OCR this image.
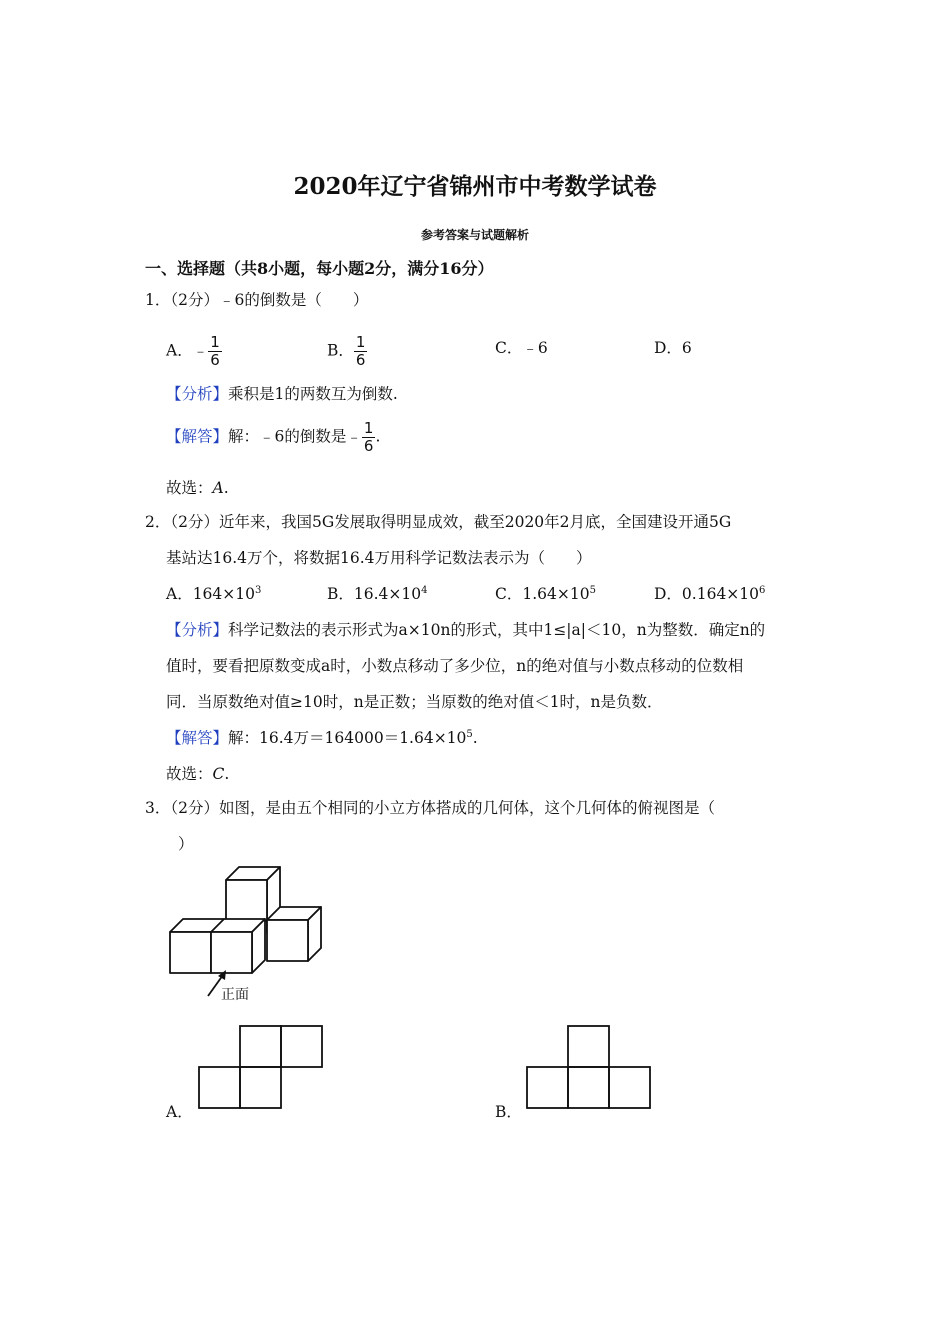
2020年辽宁省锦州市中考数学试卷
参考答案与试题解析
一、选择题（共8小题，每小题2分，满分16分）
1．（2分）﹣6的倒数是（　　）
A．﹣ $\frac{1}{6}$	B． $\frac{1}{6}$	C．﹣6	D．6
【分析】乘积是1的两数互为倒数.
【解答】解：﹣6的倒数是﹣ $\frac{1}{6}$ .
故选：A.
2．（2分）近年来，我国5G发展取得明显成效，截至2020年2月底，全国建设开通5G
基站达16.4万个，将数据16.4万用科学记数法表示为（　　）
A．$164\times 10^3$	B．$16.4\times 10^4$	C．$1.64\times 10^5$	D．$0.164\times 10^6$
【分析】科学记数法的表示形式为a×10n的形式，其中1≤|a|＜10，n为整数．确定n的
值时，要看把原数变成a时，小数点移动了多少位，n的绝对值与小数点移动的位数相
同．当原数绝对值≥10时，n是正数；当原数的绝对值＜1时，n是负数．
【解答】解：16.4万$=164000=1.64\times 10^5$.
故选：C.
3．（2分）如图，是由五个相同的小立方体搭成的几何体，这个几何体的俯视图是（
）
正面
A．	B．
